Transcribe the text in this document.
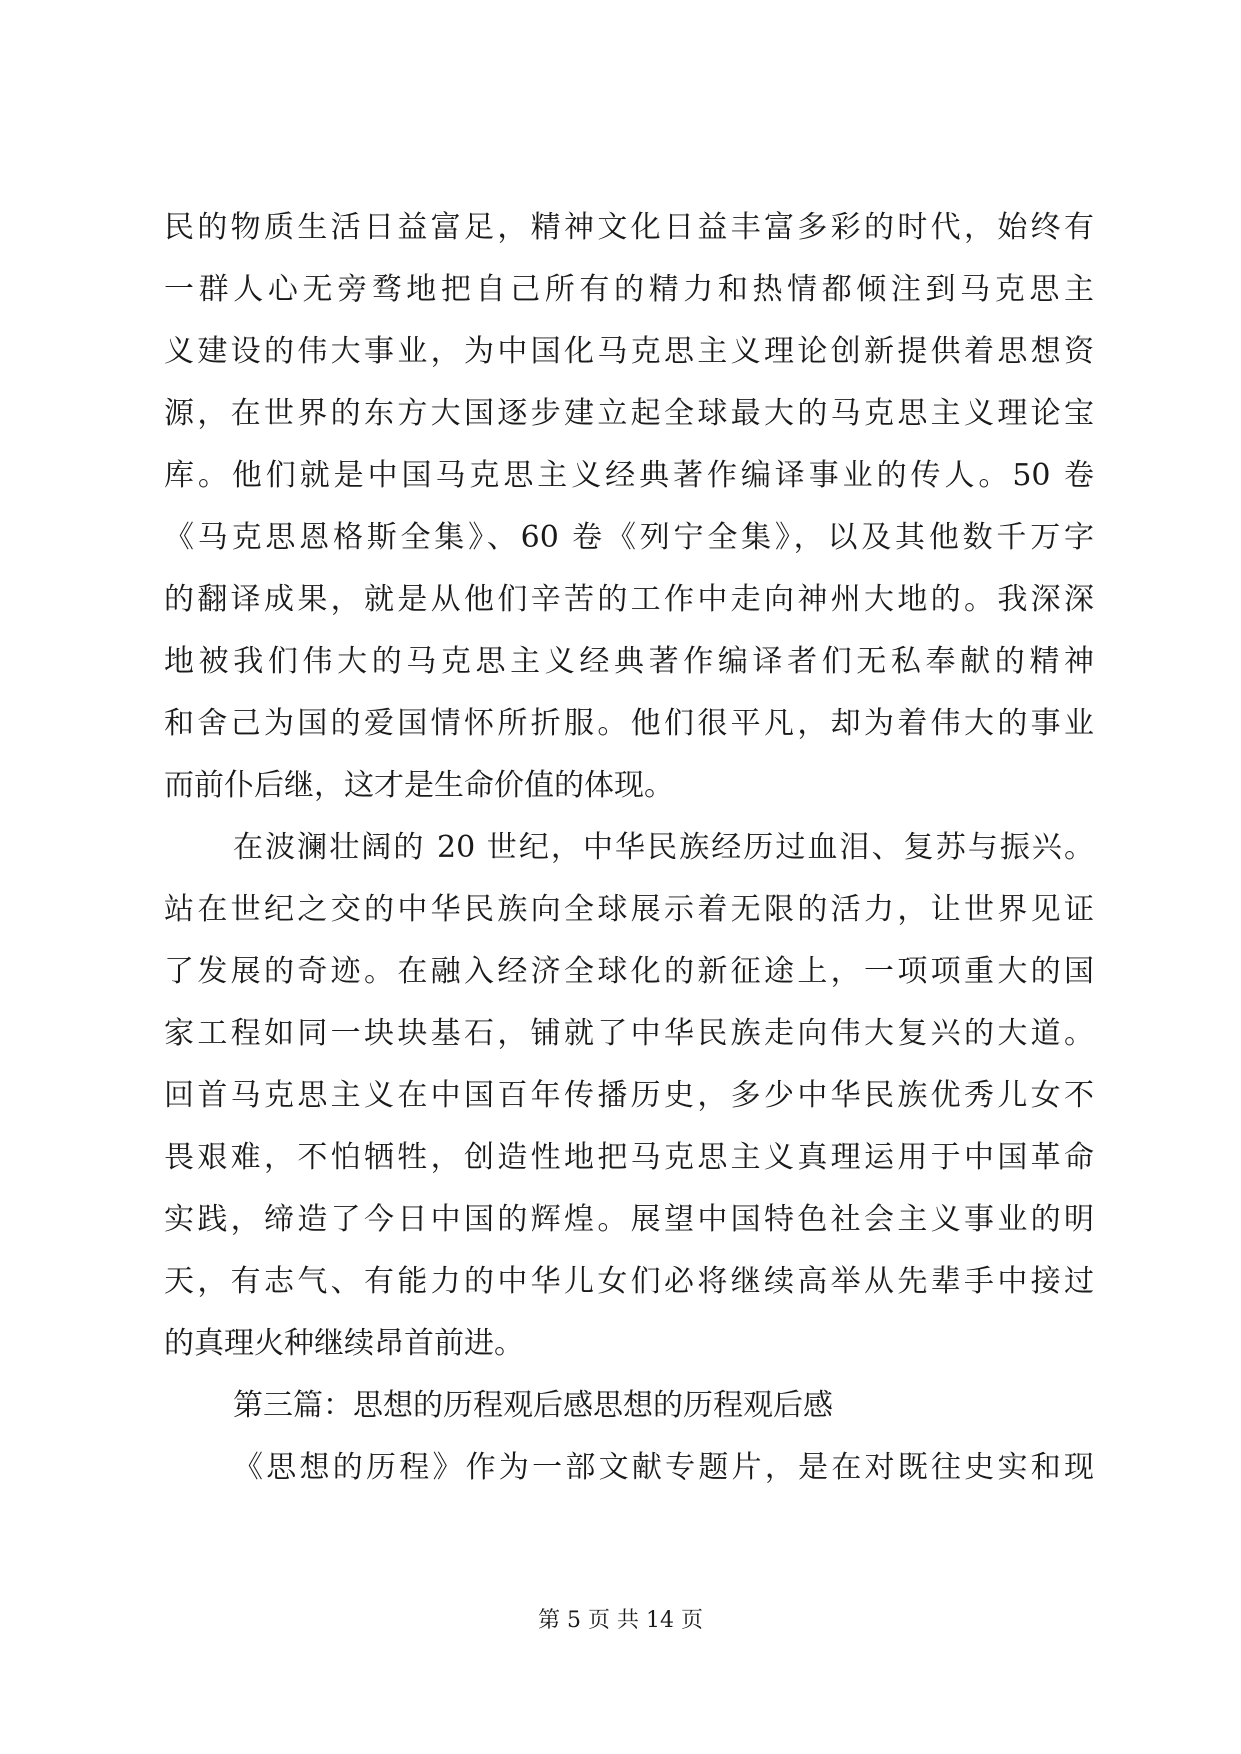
民的物质生活日益富足，精神文化日益丰富多彩的时代，始终有
一群人心无旁骛地把自己所有的精力和热情都倾注到马克思主
义建设的伟大事业，为中国化马克思主义理论创新提供着思想资
源，在世界的东方大国逐步建立起全球最大的马克思主义理论宝
库。他们就是中国马克思主义经典著作编译事业的传人。50 卷
《马克思恩格斯全集》、60 卷《列宁全集》，以及其他数千万字
的翻译成果，就是从他们辛苦的工作中走向神州大地的。我深深
地被我们伟大的马克思主义经典著作编译者们无私奉献的精神
和舍己为国的爱国情怀所折服。他们很平凡，却为着伟大的事业
而前仆后继，这才是生命价值的体现。
在波澜壮阔的 20 世纪，中华民族经历过血泪、复苏与振兴。
站在世纪之交的中华民族向全球展示着无限的活力，让世界见证
了发展的奇迹。在融入经济全球化的新征途上，一项项重大的国
家工程如同一块块基石，铺就了中华民族走向伟大复兴的大道。
回首马克思主义在中国百年传播历史，多少中华民族优秀儿女不
畏艰难，不怕牺牲，创造性地把马克思主义真理运用于中国革命
实践，缔造了今日中国的辉煌。展望中国特色社会主义事业的明
天，有志气、有能力的中华儿女们必将继续高举从先辈手中接过
的真理火种继续昂首前进。
第三篇：思想的历程观后感思想的历程观后感
《思想的历程》作为一部文献专题片，是在对既往史实和现
第 5 页 共 14 页
